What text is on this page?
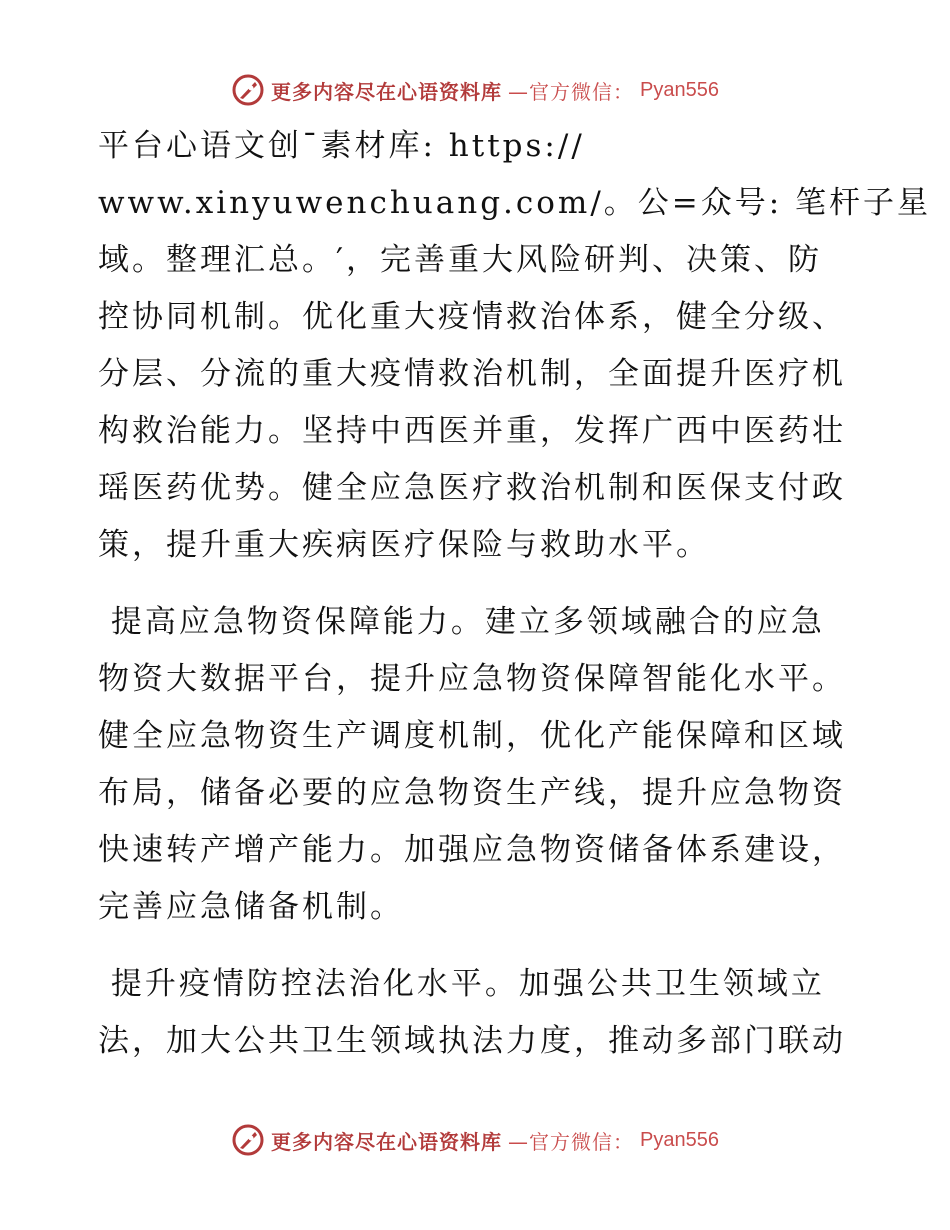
更多内容尽在心语资料库 —官方微信： Pyan556
平台心语文创¯素材库: https://
www.xinyuwenchuang.com/。公=众号: 笔杆子星
域。整理汇总。′，完善重大风险研判、决策、防
控协同机制。优化重大疫情救治体系，健全分级、
分层、分流的重大疫情救治机制，全面提升医疗机
构救治能力。坚持中西医并重，发挥广西中医药壮
瑶医药优势。健全应急医疗救治机制和医保支付政
策，提升重大疾病医疗保险与救助水平。
提高应急物资保障能力。建立多领域融合的应急
物资大数据平台，提升应急物资保障智能化水平。
健全应急物资生产调度机制，优化产能保障和区域
布局，储备必要的应急物资生产线，提升应急物资
快速转产增产能力。加强应急物资储备体系建设，
完善应急储备机制。
提升疫情防控法治化水平。加强公共卫生领域立
法，加大公共卫生领域执法力度，推动多部门联动
更多内容尽在心语资料库 —官方微信： Pyan556
